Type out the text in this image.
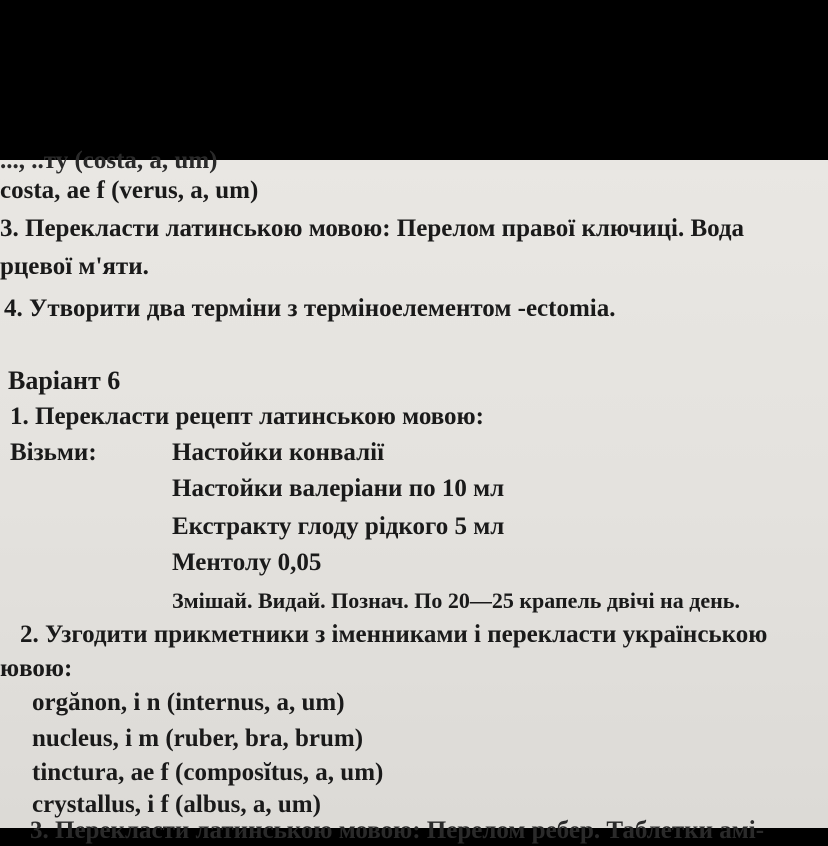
..., ..ту (costa, a, um)
costa, ae f (verus, a, um)
3. Перекласти латинською мовою: Перелом правої ключиці. Вода
рцевої м'яти.
4. Утворити два терміни з терміноелементом -ectomia.
Варіант 6
1. Перекласти рецепт латинською мовою:
Візьми:	Настойки конвалії
Настойки валеріани по 10 мл
Екстракту глоду рідкого 5 мл
Ментолу 0,05
Змішай. Видай. Познач. По 20—25 крапель двічі на день.
2. Узгодити прикметники з іменниками і перекласти українською
ювою:
orgănon, i n (internus, a, um)
nucleus, i m (ruber, bra, brum)
tinctura, ae f (composĭtus, a, um)
crystallus, i f (albus, a, um)
3. Перекласти латинською мовою: Перелом ребер. Таблетки амі-
